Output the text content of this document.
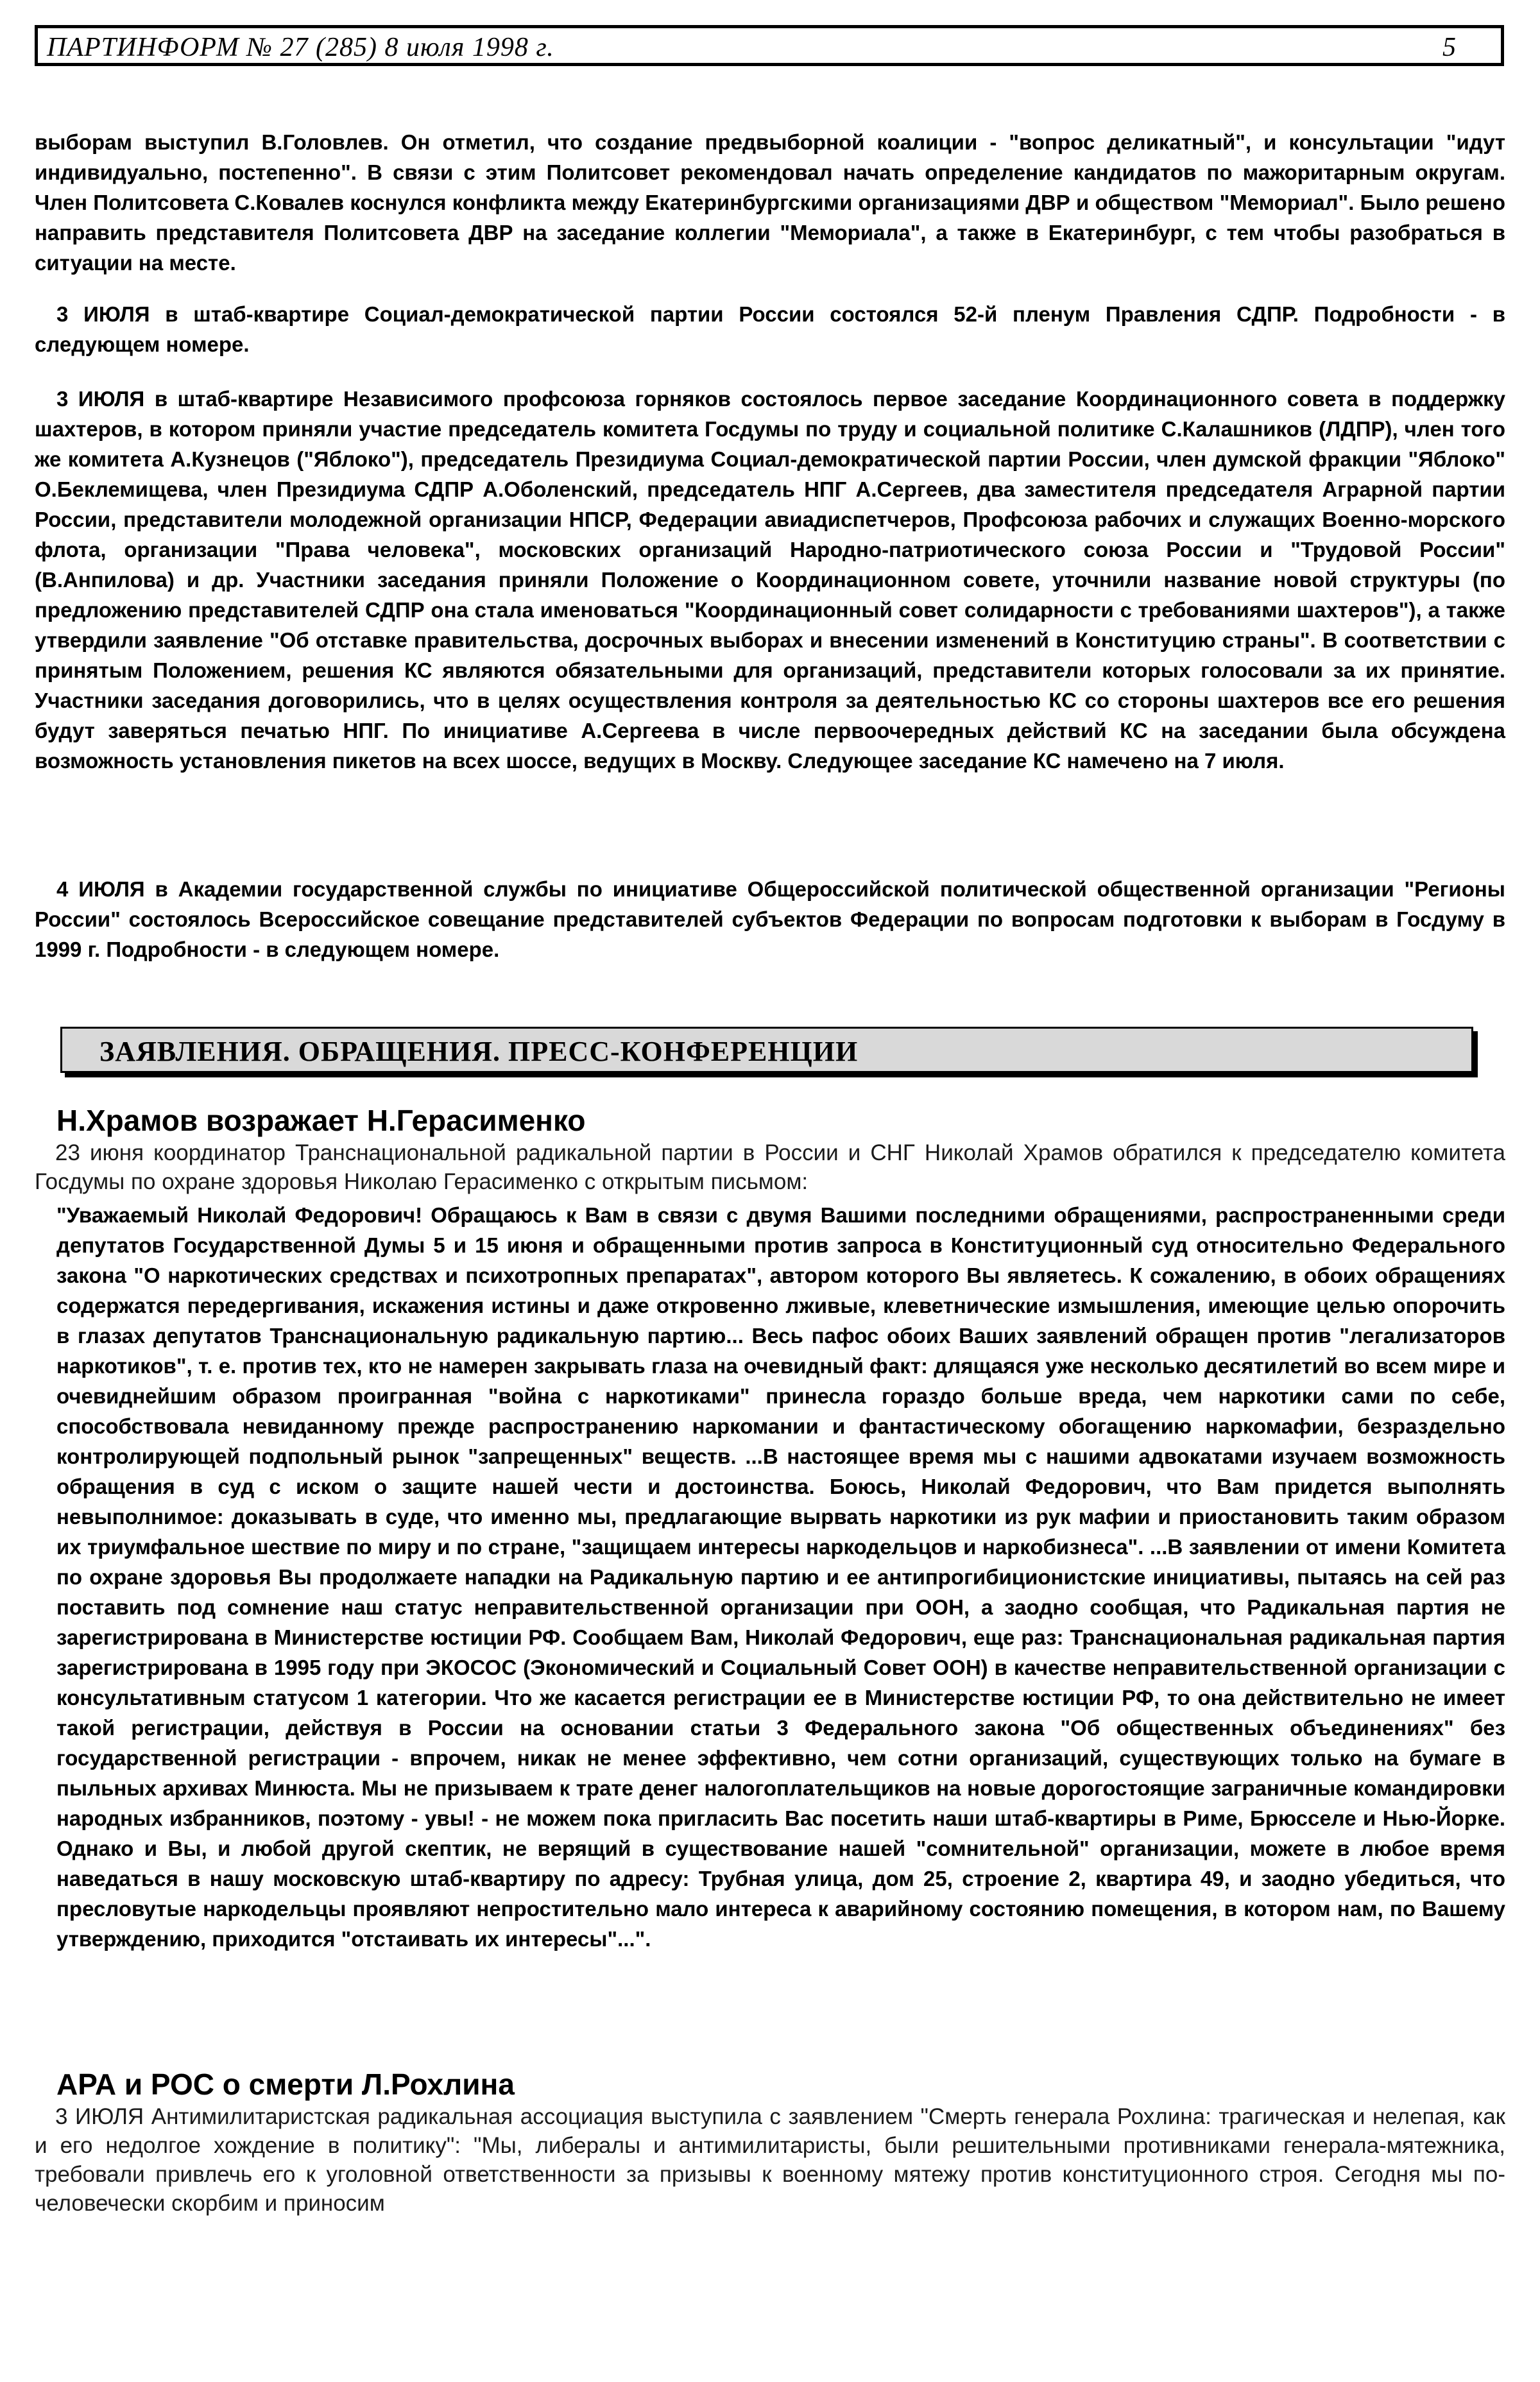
ПАРТИНФОРМ № 27 (285) 8 июля 1998 г.	5

выборам выступил В.Головлев. Он отметил, что создание предвыборной коалиции - "вопрос деликатный", и консультации "идут индивидуально, постепенно". В связи с этим Политсовет рекомендовал начать определение кандидатов по мажоритарным округам. Член Политсовета С.Ковалев коснулся конфликта между Екатеринбургскими организациями ДВР и обществом "Мемориал". Было решено направить представителя Политсовета ДВР на заседание коллегии "Мемориала", а также в Екатеринбург, с тем чтобы разобраться в ситуации на месте.

3 ИЮЛЯ в штаб-квартире Социал-демократической партии России состоялся 52-й пленум Правления СДПР. Подробности - в следующем номере.

3 ИЮЛЯ в штаб-квартире Независимого профсоюза горняков состоялось первое заседание Координационного совета в поддержку шахтеров, в котором приняли участие председатель комитета Госдумы по труду и социальной политике С.Калашников (ЛДПР), член того же комитета А.Кузнецов ("Яблоко"), председатель Президиума Социал-демократической партии России, член думской фракции "Яблоко" О.Беклемищева, член Президиума СДПР А.Оболенский, председатель НПГ А.Сергеев, два заместителя председателя Аграрной партии России, представители молодежной организации НПСР, Федерации авиадиспетчеров, Профсоюза рабочих и служащих Военно-морского флота, организации "Права человека", московских организаций Народно-патриотического союза России и "Трудовой России" (В.Анпилова) и др. Участники заседания приняли Положение о Координационном совете, уточнили название новой структуры (по предложению представителей СДПР она стала именоваться "Координационный совет солидарности с требованиями шахтеров"), а также утвердили заявление "Об отставке правительства, досрочных выборах и внесении изменений в Конституцию страны". В соответствии с принятым Положением, решения КС являются обязательными для организаций, представители которых голосовали за их принятие. Участники заседания договорились, что в целях осуществления контроля за деятельностью КС со стороны шахтеров все его решения будут заверяться печатью НПГ. По инициативе А.Сергеева в числе первоочередных действий КС на заседании была обсуждена возможность установления пикетов на всех шоссе, ведущих в Москву. Следующее заседание КС намечено на 7 июля.

4 ИЮЛЯ в Академии государственной службы по инициативе Общероссийской политической общественной организации "Регионы России" состоялось Всероссийское совещание представителей субъектов Федерации по вопросам подготовки к выборам в Госдуму в 1999 г. Подробности - в следующем номере.

ЗАЯВЛЕНИЯ. ОБРАЩЕНИЯ. ПРЕСС-КОНФЕРЕНЦИИ
Н.Храмов возражает Н.Герасименко

23 июня координатор Транснациональной радикальной партии в России и СНГ Николай Храмов обратился к председателю комитета Госдумы по охране здоровья Николаю Герасименко с открытым письмом:

"Уважаемый Николай Федорович! Обращаюсь к Вам в связи с двумя Вашими последними обращениями, распространенными среди депутатов Государственной Думы 5 и 15 июня и обращенными против запроса в Конституционный суд относительно Федерального закона "О наркотических средствах и психотропных препаратах", автором которого Вы являетесь. К сожалению, в обоих обращениях содержатся передергивания, искажения истины и даже откровенно лживые, клеветнические измышления, имеющие целью опорочить в глазах депутатов Транснациональную радикальную партию... Весь пафос обоих Ваших заявлений обращен против "легализаторов наркотиков", т. е. против тех, кто не намерен закрывать глаза на очевидный факт: длящаяся уже несколько десятилетий во всем мире и очевиднейшим образом проигранная "война с наркотиками" принесла гораздо больше вреда, чем наркотики сами по себе, способствовала невиданному прежде распространению наркомании и фантастическому обогащению наркомафии, безраздельно контролирующей подпольный рынок "запрещенных" веществ. ...В настоящее время мы с нашими адвокатами изучаем возможность обращения в суд с иском о защите нашей чести и достоинства. Боюсь, Николай Федорович, что Вам придется выполнять невыполнимое: доказывать в суде, что именно мы, предлагающие вырвать наркотики из рук мафии и приостановить таким образом их триумфальное шествие по миру и по стране, "защищаем интересы наркодельцов и наркобизнеса". ...В заявлении от имени Комитета по охране здоровья Вы продолжаете нападки на Радикальную партию и ее антипрогибиционистские инициативы, пытаясь на сей раз поставить под сомнение наш статус неправительственной организации при ООН, а заодно сообщая, что Радикальная партия не зарегистрирована в Министерстве юстиции РФ. Сообщаем Вам, Николай Федорович, еще раз: Транснациональная радикальная партия зарегистрирована в 1995 году при ЭКОСОС (Экономический и Социальный Совет ООН) в качестве неправительственной организации с консультативным статусом 1 категории. Что же касается регистрации ее в Министерстве юстиции РФ, то она действительно не имеет такой регистрации, действуя в России на основании статьи 3 Федерального закона "Об общественных объединениях" без государственной регистрации - впрочем, никак не менее эффективно, чем сотни организаций, существующих только на бумаге в пыльных архивах Минюста. Мы не призываем к трате денег налогоплательщиков на новые дорогостоящие заграничные командировки народных избранников, поэтому - увы! - не можем пока пригласить Вас посетить наши штаб-квартиры в Риме, Брюсселе и Нью-Йорке. Однако и Вы, и любой другой скептик, не верящий в существование нашей "сомнительной" организации, можете в любое время наведаться в нашу московскую штаб-квартиру по адресу: Трубная улица, дом 25, строение 2, квартира 49, и заодно убедиться, что пресловутые наркодельцы проявляют непростительно мало интереса к аварийному состоянию помещения, в котором нам, по Вашему утверждению, приходится "отстаивать их интересы"...".

АРА и РОС о смерти Л.Рохлина

3 ИЮЛЯ Антимилитаристская радикальная ассоциация выступила с заявлением "Смерть генерала Рохлина: трагическая и нелепая, как и его недолгое хождение в политику": "Мы, либералы и антимилитаристы, были решительными противниками генерала-мятежника, требовали привлечь его к уголовной ответственности за призывы к военному мятежу против конституционного строя. Сегодня мы по-человечески скорбим и приносим
